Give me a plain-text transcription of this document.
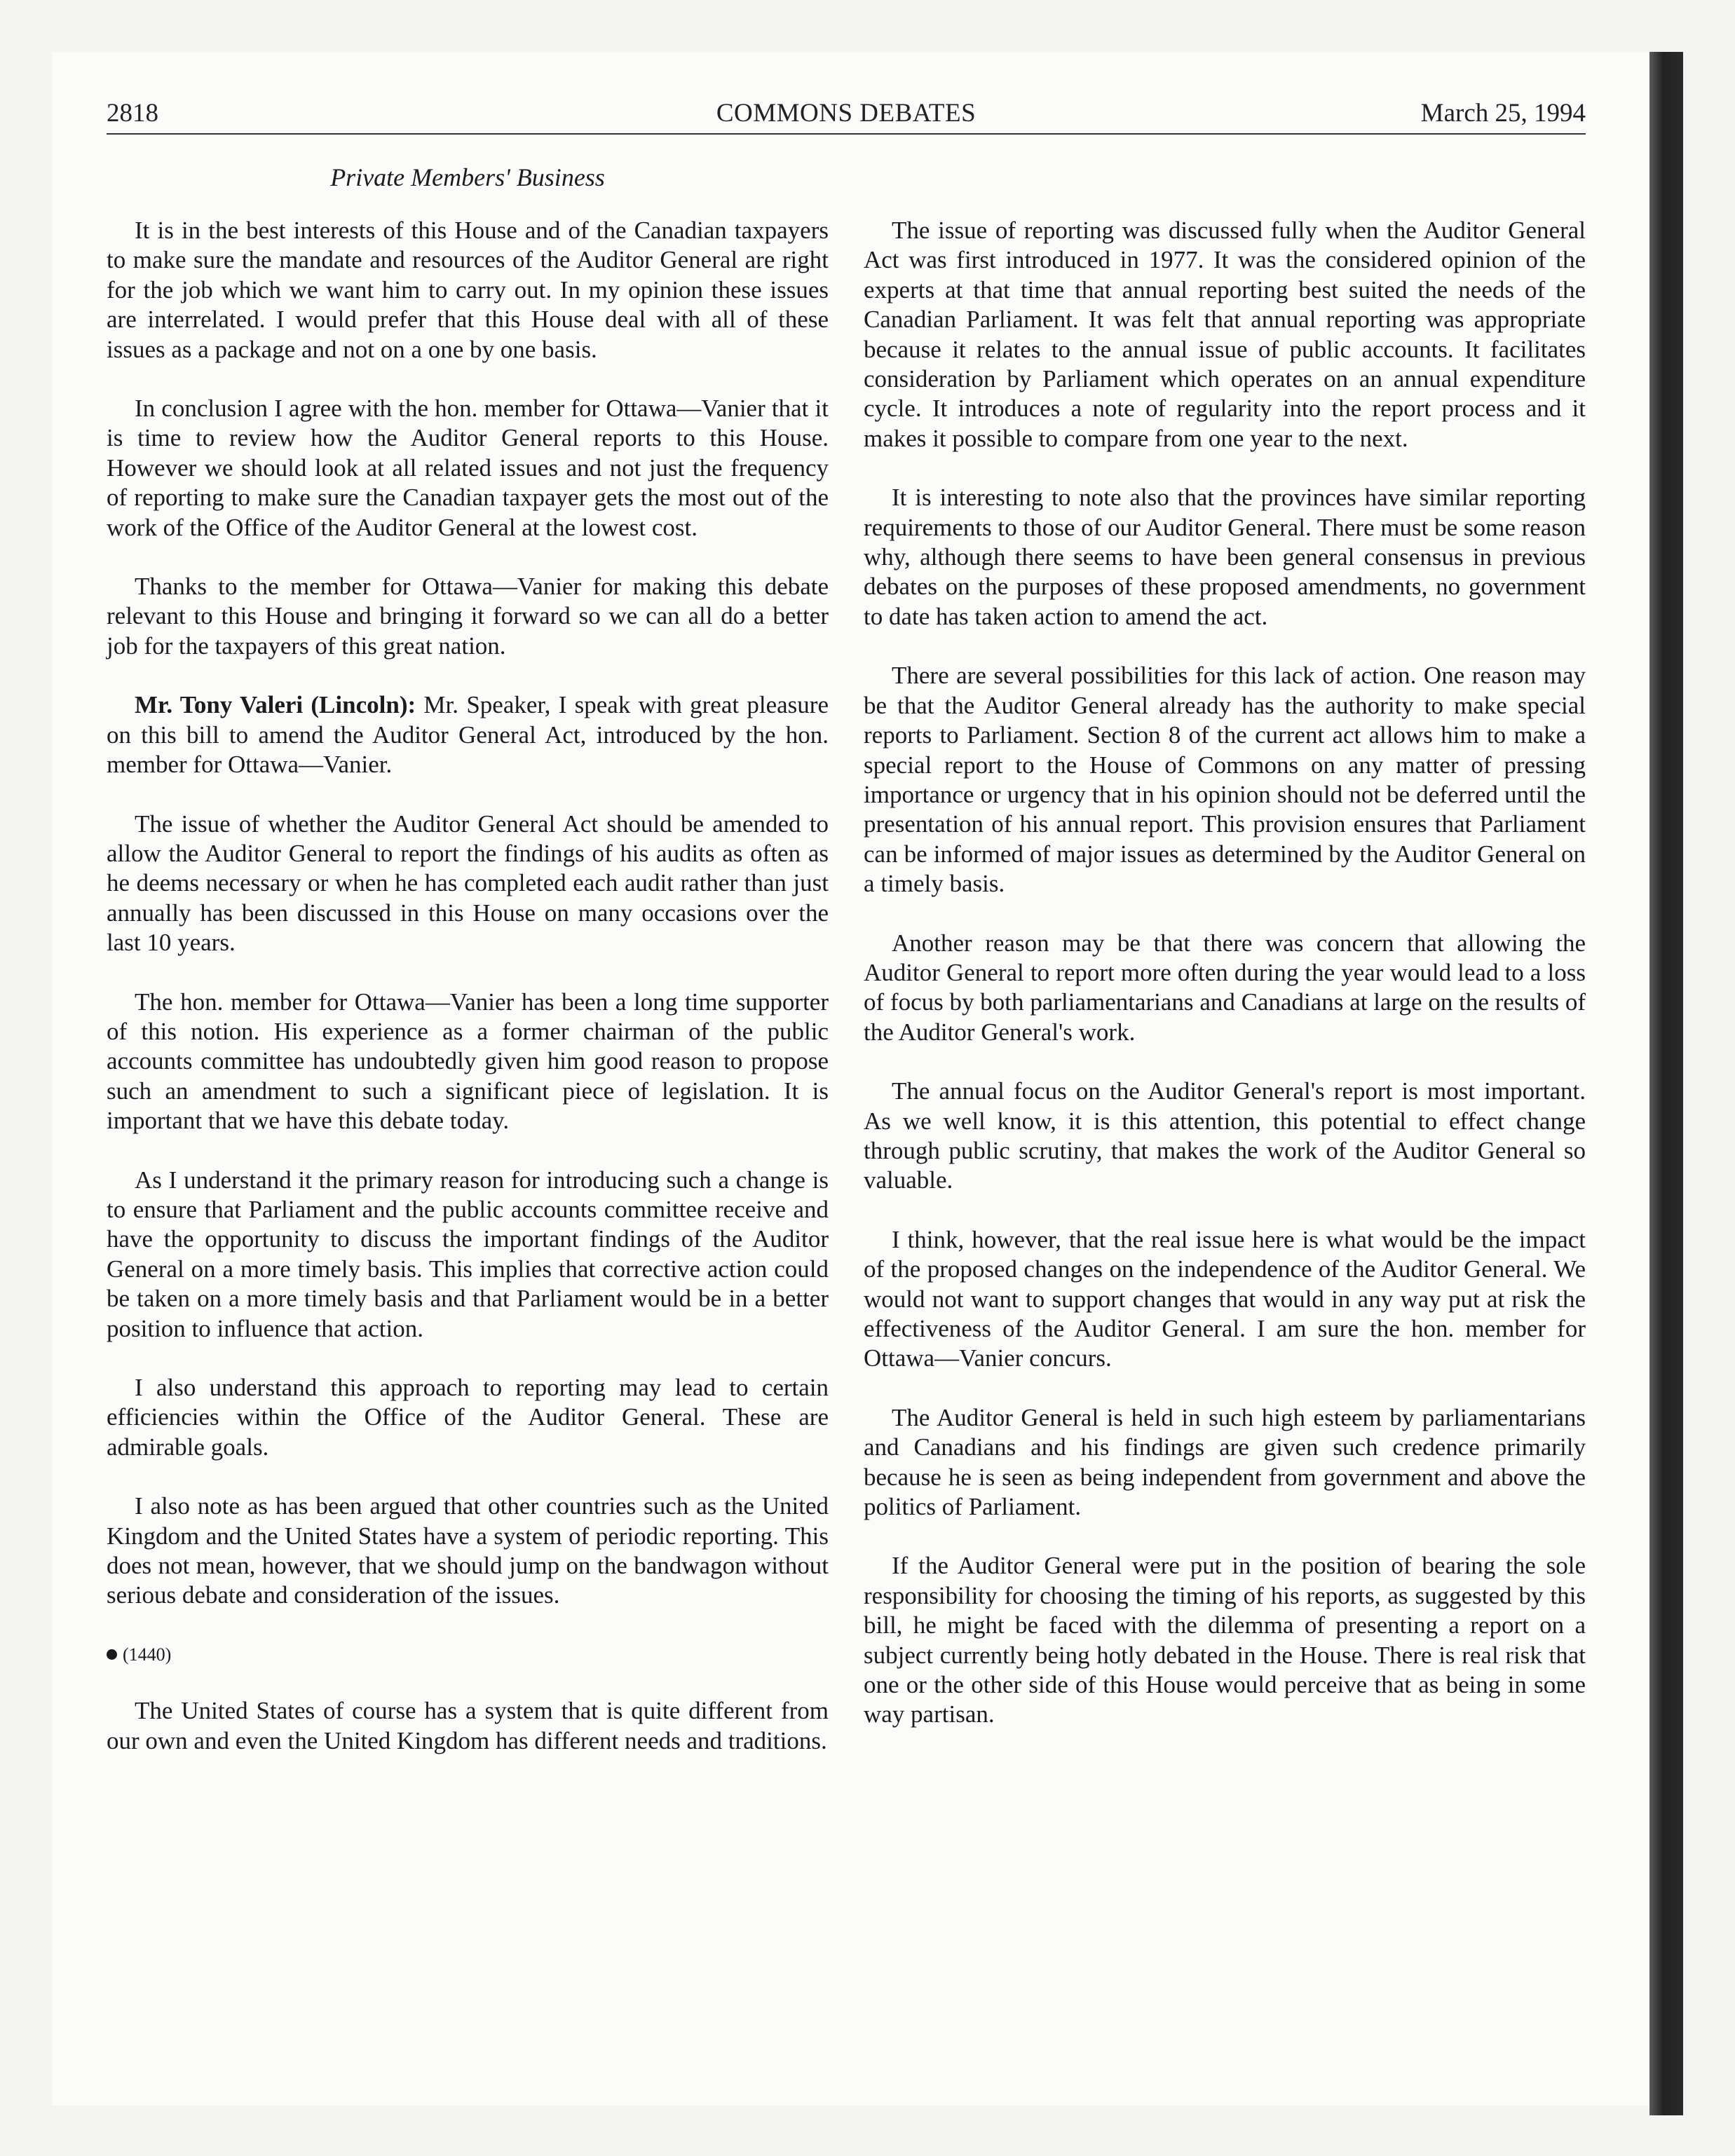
2818	COMMONS DEBATES	March 25, 1994
Private Members' Business

It is in the best interests of this House and of the Canadian taxpayers to make sure the mandate and resources of the Auditor General are right for the job which we want him to carry out. In my opinion these issues are interrelated. I would prefer that this House deal with all of these issues as a package and not on a one by one basis.

In conclusion I agree with the hon. member for Ottawa—Vanier that it is time to review how the Auditor General reports to this House. However we should look at all related issues and not just the frequency of reporting to make sure the Canadian taxpayer gets the most out of the work of the Office of the Auditor General at the lowest cost.

Thanks to the member for Ottawa—Vanier for making this debate relevant to this House and bringing it forward so we can all do a better job for the taxpayers of this great nation.

Mr. Tony Valeri (Lincoln): Mr. Speaker, I speak with great pleasure on this bill to amend the Auditor General Act, introduced by the hon. member for Ottawa—Vanier.

The issue of whether the Auditor General Act should be amended to allow the Auditor General to report the findings of his audits as often as he deems necessary or when he has completed each audit rather than just annually has been discussed in this House on many occasions over the last 10 years.

The hon. member for Ottawa—Vanier has been a long time supporter of this notion. His experience as a former chairman of the public accounts committee has undoubtedly given him good reason to propose such an amendment to such a significant piece of legislation. It is important that we have this debate today.

As I understand it the primary reason for introducing such a change is to ensure that Parliament and the public accounts committee receive and have the opportunity to discuss the important findings of the Auditor General on a more timely basis. This implies that corrective action could be taken on a more timely basis and that Parliament would be in a better position to influence that action.

I also understand this approach to reporting may lead to certain efficiencies within the Office of the Auditor General. These are admirable goals.

I also note as has been argued that other countries such as the United Kingdom and the United States have a system of periodic reporting. This does not mean, however, that we should jump on the bandwagon without serious debate and consideration of the issues.

(1440)

The United States of course has a system that is quite different from our own and even the United Kingdom has different needs and traditions.

The issue of reporting was discussed fully when the Auditor General Act was first introduced in 1977. It was the considered opinion of the experts at that time that annual reporting best suited the needs of the Canadian Parliament. It was felt that annual reporting was appropriate because it relates to the annual issue of public accounts. It facilitates consideration by Parliament which operates on an annual expenditure cycle. It introduces a note of regularity into the report process and it makes it possible to compare from one year to the next.

It is interesting to note also that the provinces have similar reporting requirements to those of our Auditor General. There must be some reason why, although there seems to have been general consensus in previous debates on the purposes of these proposed amendments, no government to date has taken action to amend the act.

There are several possibilities for this lack of action. One reason may be that the Auditor General already has the authority to make special reports to Parliament. Section 8 of the current act allows him to make a special report to the House of Commons on any matter of pressing importance or urgency that in his opinion should not be deferred until the presentation of his annual report. This provision ensures that Parliament can be informed of major issues as determined by the Auditor General on a timely basis.

Another reason may be that there was concern that allowing the Auditor General to report more often during the year would lead to a loss of focus by both parliamentarians and Canadians at large on the results of the Auditor General's work.

The annual focus on the Auditor General's report is most important. As we well know, it is this attention, this potential to effect change through public scrutiny, that makes the work of the Auditor General so valuable.

I think, however, that the real issue here is what would be the impact of the proposed changes on the independence of the Auditor General. We would not want to support changes that would in any way put at risk the effectiveness of the Auditor General. I am sure the hon. member for Ottawa—Vanier concurs.

The Auditor General is held in such high esteem by parliamentarians and Canadians and his findings are given such credence primarily because he is seen as being independent from government and above the politics of Parliament.

If the Auditor General were put in the position of bearing the sole responsibility for choosing the timing of his reports, as suggested by this bill, he might be faced with the dilemma of presenting a report on a subject currently being hotly debated in the House. There is real risk that one or the other side of this House would perceive that as being in some way partisan.
